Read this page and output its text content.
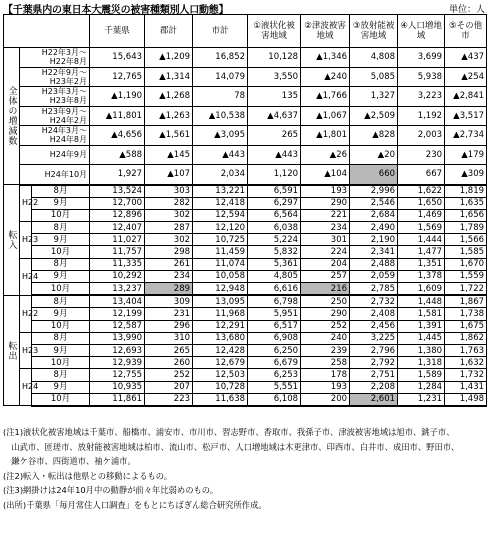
【千葉県内の東日本大震災の被害種類別人口動態】	単位：人
			千葉県	郡計	市計	①液状化被害地域	②津波被害地域	③放射能被害地域	④人口増地域	⑤その他市
全体の増減数	H22年3月～
H22年8月		15,643	▲1,209	16,852	10,128	▲1,346	4,808	3,699	▲437

	H22年9月～
H23年2月		12,765	▲1,314	14,079	3,550	▲240	5,085	5,938	▲254

	H23年3月～
H23年8月		▲1,190	▲1,268	78	135	▲1,766	1,327	3,223	▲2,841

	H23年9月～
H24年2月		▲11,801	▲1,263	▲10,538	▲4,637	▲1,067	▲2,509	1,192	▲3,517

	H24年3月～
H24年8月		▲4,656	▲1,561	▲3,095	265	▲1,801	▲828	2,003	▲2,734

	H24年9月		▲588	▲145	▲443	▲443	▲26	▲20	230	▲179

	H24年10月		1,927	▲107	2,034	1,120	▲104	660	667	▲309
転入	H22	8月	13,524	303	13,221	6,591	193	2,996	1,622	1,819
		9月	12,700	282	12,418	6,297	290	2,546	1,650	1,635
		10月	12,896	302	12,594	6,564	221	2,684	1,469	1,656
	H23	8月	12,407	287	12,120	6,038	234	2,490	1,569	1,789
		9月	11,027	302	10,725	5,224	301	2,190	1,444	1,566
		10月	11,757	298	11,459	5,832	224	2,341	1,477	1,585
	H24	8月	11,335	261	11,074	5,361	204	2,488	1,351	1,670
		9月	10,292	234	10,058	4,805	257	2,059	1,378	1,559
		10月	13,237	289	12,948	6,616	216	2,785	1,609	1,722
転出	H22	8月	13,404	309	13,095	6,798	250	2,732	1,448	1,867
		9月	12,199	231	11,968	5,951	290	2,408	1,581	1,738
		10月	12,587	296	12,291	6,517	252	2,456	1,391	1,675
	H23	8月	13,990	310	13,680	6,908	240	3,225	1,445	1,862
		9月	12,693	265	12,428	6,250	239	2,796	1,380	1,763
		10月	12,939	260	12,679	6,679	258	2,792	1,318	1,632
	H24	8月	12,755	252	12,503	6,253	178	2,751	1,589	1,732
		9月	10,935	207	10,728	5,551	193	2,208	1,284	1,431
		10月	11,861	223	11,638	6,108	200	2,601	1,231	1,498
(注1)液状化被害地域は千葉市、船橋市、浦安市、市川市、習志野市、香取市、我孫子市、津波被害地域は旭市、銚子市、
　山武市、匝瑳市、放射能被害地域は柏市、流山市、松戸市、人口増地域は木更津市、印西市、白井市、成田市、野田市、
　鎌ケ谷市、四街道市、袖ケ浦市。
(注2)転入・転出は他県との移動によるもの。
(注3)網掛けは24年10月中の動静が前々年比弱めのもの。
(出所)千葉県「毎月常住人口調査」をもとにちばぎん総合研究所作成。
